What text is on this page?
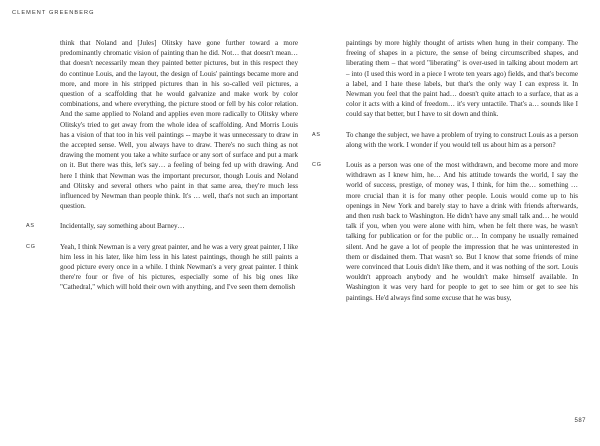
CLEMENT GREENBERG

think that Noland and [Jules] Olitsky have gone further toward a more predominantly chromatic vision of painting than he did. Not… that doesn't mean… that doesn't necessarily mean they painted better pictures, but in this respect they do continue Louis, and the layout, the design of Louis' paintings became more and more, and more in his stripped pictures than in his so-called veil pictures, a question of a scaffolding that he would galvanize and make work by color combinations, and where everything, the picture stood or fell by his color relation. And the same applied to Noland and applies even more radically to Olitsky where Olitsky's tried to get away from the whole idea of scaffolding. And Morris Louis has a vision of that too in his veil paintings -- maybe it was unnecessary to draw in the accepted sense. Well, you always have to draw. There's no such thing as not drawing the moment you take a white surface or any sort of surface and put a mark on it. But there was this, let's say… a feeling of being fed up with drawing. And here I think that Newman was the important precursor, though Louis and Noland and Olitsky and several others who paint in that same area, they're much less influenced by Newman than people think. It's … well, that's not such an important question.

AS	Incidentally, say something about Barney…

CG	Yeah, I think Newman is a very great painter, and he was a very great painter, I like him less in his later, like him less in his latest paintings, though he still paints a good picture every once in a while. I think Newman's a very great painter. I think there're four or five of his pictures, especially some of his big ones like "Cathedral," which will hold their own with anything, and I've seen them demolish

paintings by more highly thought of artists when hung in their company. The freeing of shapes in a picture, the sense of being circumscribed shapes, and liberating them – that word "liberating" is over-used in talking about modern art – into (I used this word in a piece I wrote ten years ago) fields, and that's become a label, and I hate these labels, but that's the only way I can express it. In Newman you feel that the paint had… doesn't quite attach to a surface, that as a color it acts with a kind of freedom… it's very untactile. That's a… sounds like I could say that better, but I have to sit down and think.

AS	To change the subject, we have a problem of trying to construct Louis as a person along with the work. I wonder if you would tell us about him as a person?

CG	Louis as a person was one of the most withdrawn, and become more and more withdrawn as I knew him, he… And his attitude towards the world, I say the world of success, prestige, of money was, I think, for him the… something … more crucial than it is for many other people. Louis would come up to his openings in New York and barely stay to have a drink with friends afterwards, and then rush back to Washington. He didn't have any small talk and… he would talk if you, when you were alone with him, when he felt there was, he wasn't talking for publication or for the public or… In company he usually remained silent. And he gave a lot of people the impression that he was uninterested in them or disdained them. That wasn't so. But I know that some friends of mine were convinced that Louis didn't like them, and it was nothing of the sort. Louis wouldn't approach anybody and he wouldn't make himself available. In Washington it was very hard for people to get to see him or get to see his paintings. He'd always find some excuse that he was busy,

587
